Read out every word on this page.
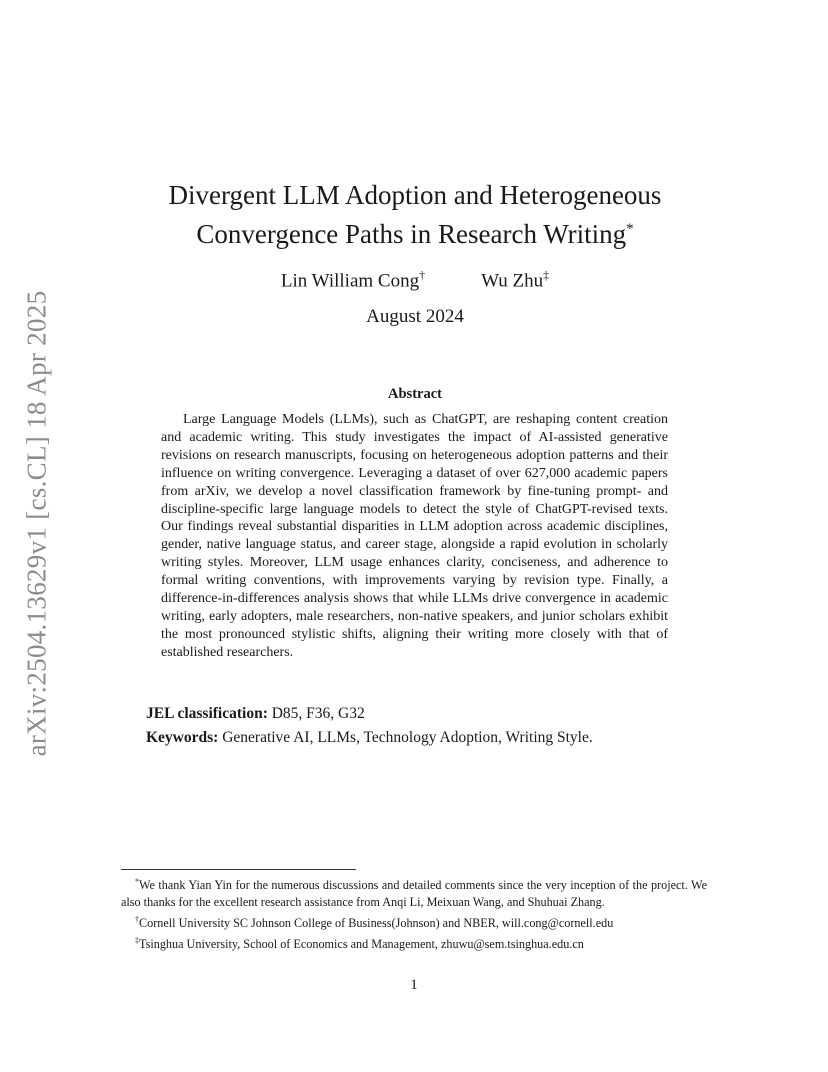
arXiv:2504.13629v1 [cs.CL] 18 Apr 2025
Divergent LLM Adoption and Heterogeneous
Convergence Paths in Research Writing*
Lin William Cong†	Wu Zhu‡
August 2024
Abstract

Large Language Models (LLMs), such as ChatGPT, are reshaping content creation and academic writing. This study investigates the impact of AI-assisted generative revisions on research manuscripts, focusing on heterogeneous adoption patterns and their influence on writing convergence. Leveraging a dataset of over 627,000 academic papers from arXiv, we develop a novel classification framework by fine-tuning prompt- and discipline-specific large language models to detect the style of ChatGPT-revised texts. Our findings reveal substantial disparities in LLM adoption across academic disciplines, gender, native language status, and career stage, alongside a rapid evolution in scholarly writing styles. Moreover, LLM usage enhances clarity, conciseness, and adherence to formal writing conventions, with improvements varying by revision type. Finally, a difference-in-differences analysis shows that while LLMs drive convergence in academic writing, early adopters, male researchers, non-native speakers, and junior scholars exhibit the most pronounced stylistic shifts, aligning their writing more closely with that of established researchers.

JEL classification: D85, F36, G32
Keywords: Generative AI, LLMs, Technology Adoption, Writing Style.

*We thank Yian Yin for the numerous discussions and detailed comments since the very inception of the project. We also thanks for the excellent research assistance from Anqi Li, Meixuan Wang, and Shuhuai Zhang.

†Cornell University SC Johnson College of Business(Johnson) and NBER, will.cong@cornell.edu

‡Tsinghua University, School of Economics and Management, zhuwu@sem.tsinghua.edu.cn

1
